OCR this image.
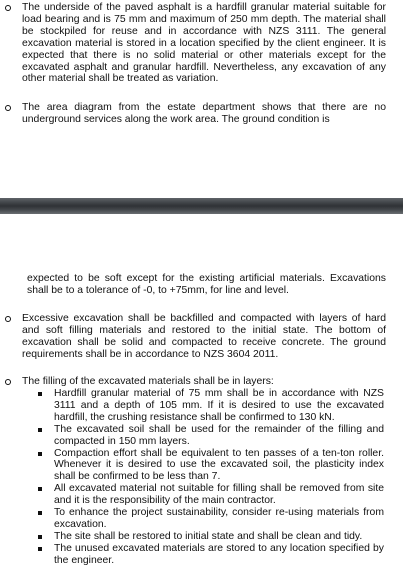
The underside of the paved asphalt is a hardfill granular material suitable for load bearing and is 75 mm and maximum of 250 mm depth. The material shall be stockpiled for reuse and in accordance with NZS 3111. The general excavation material is stored in a location specified by the client engineer. It is expected that there is no solid material or other materials except for the excavated asphalt and granular hardfill. Nevertheless, any excavation of any other material shall be treated as variation.
The area diagram from the estate department shows that there are no underground services along the work area. The ground condition is
expected to be soft except for the existing artificial materials. Excavations shall be to a tolerance of -0, to +75mm, for line and level.
Excessive excavation shall be backfilled and compacted with layers of hard and soft filling materials and restored to the initial state. The bottom of excavation shall be solid and compacted to receive concrete. The ground requirements shall be in accordance to NZS 3604 2011.
The filling of the excavated materials shall be in layers:
Hardfill granular material of 75 mm shall be in accordance with NZS 3111 and a depth of 105 mm. If it is desired to use the excavated hardfill, the crushing resistance shall be confirmed to 130 kN.
The excavated soil shall be used for the remainder of the filling and compacted in 150 mm layers.
Compaction effort shall be equivalent to ten passes of a ten-ton roller. Whenever it is desired to use the excavated soil, the plasticity index shall be confirmed to be less than 7.
All excavated material not suitable for filling shall be removed from site and it is the responsibility of the main contractor.
To enhance the project sustainability, consider re-using materials from excavation.
The site shall be restored to initial state and shall be clean and tidy.
The unused excavated materials are stored to any location specified by the engineer.
